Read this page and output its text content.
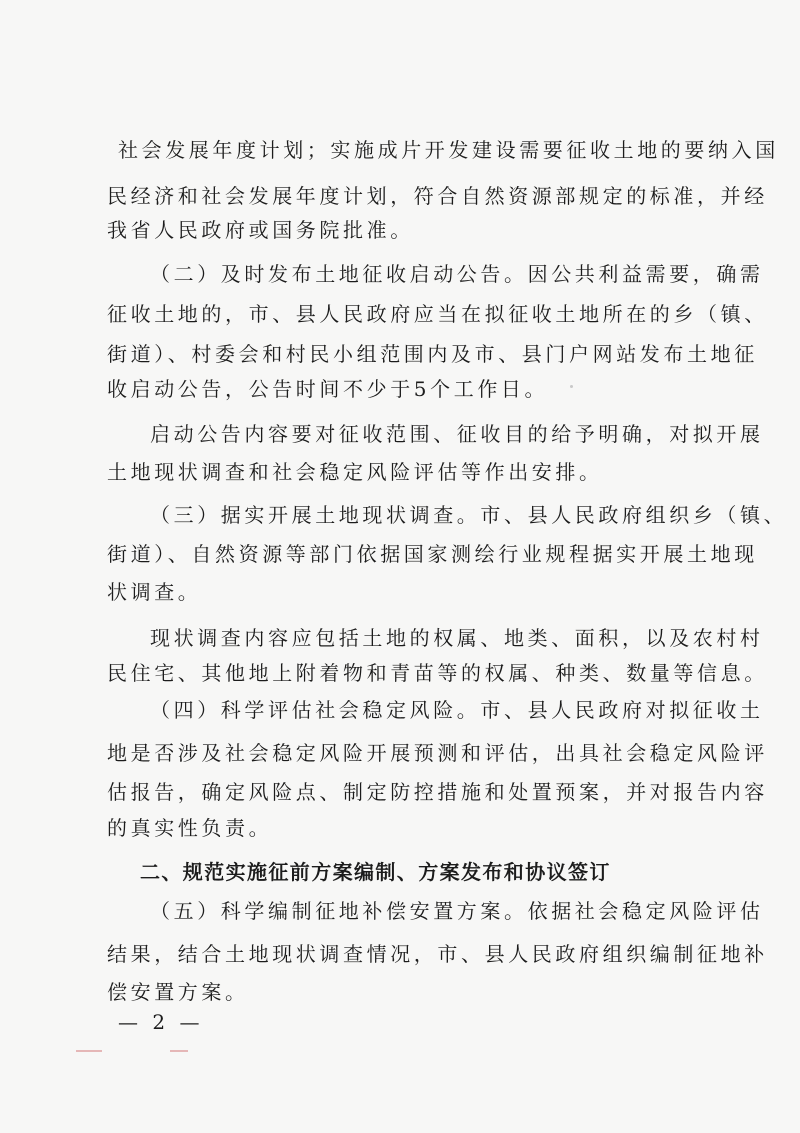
社会发展年度计划；实施成片开发建设需要征收土地的要纳入国
民经济和社会发展年度计划，符合自然资源部规定的标准，并经
我省人民政府或国务院批准。
（二）及时发布土地征收启动公告。因公共利益需要，确需
征收土地的，市、县人民政府应当在拟征收土地所在的乡（镇、
街道）、村委会和村民小组范围内及市、县门户网站发布土地征
收启动公告，公告时间不少于5个工作日。
启动公告内容要对征收范围、征收目的给予明确，对拟开展
土地现状调查和社会稳定风险评估等作出安排。
（三）据实开展土地现状调查。市、县人民政府组织乡（镇、
街道）、自然资源等部门依据国家测绘行业规程据实开展土地现
状调查。
现状调查内容应包括土地的权属、地类、面积，以及农村村
民住宅、其他地上附着物和青苗等的权属、种类、数量等信息。
（四）科学评估社会稳定风险。市、县人民政府对拟征收土
地是否涉及社会稳定风险开展预测和评估，出具社会稳定风险评
估报告，确定风险点、制定防控措施和处置预案，并对报告内容
的真实性负责。
二、规范实施征前方案编制、方案发布和协议签订
（五）科学编制征地补偿安置方案。依据社会稳定风险评估
结果，结合土地现状调查情况，市、县人民政府组织编制征地补
偿安置方案。
— 2 —
